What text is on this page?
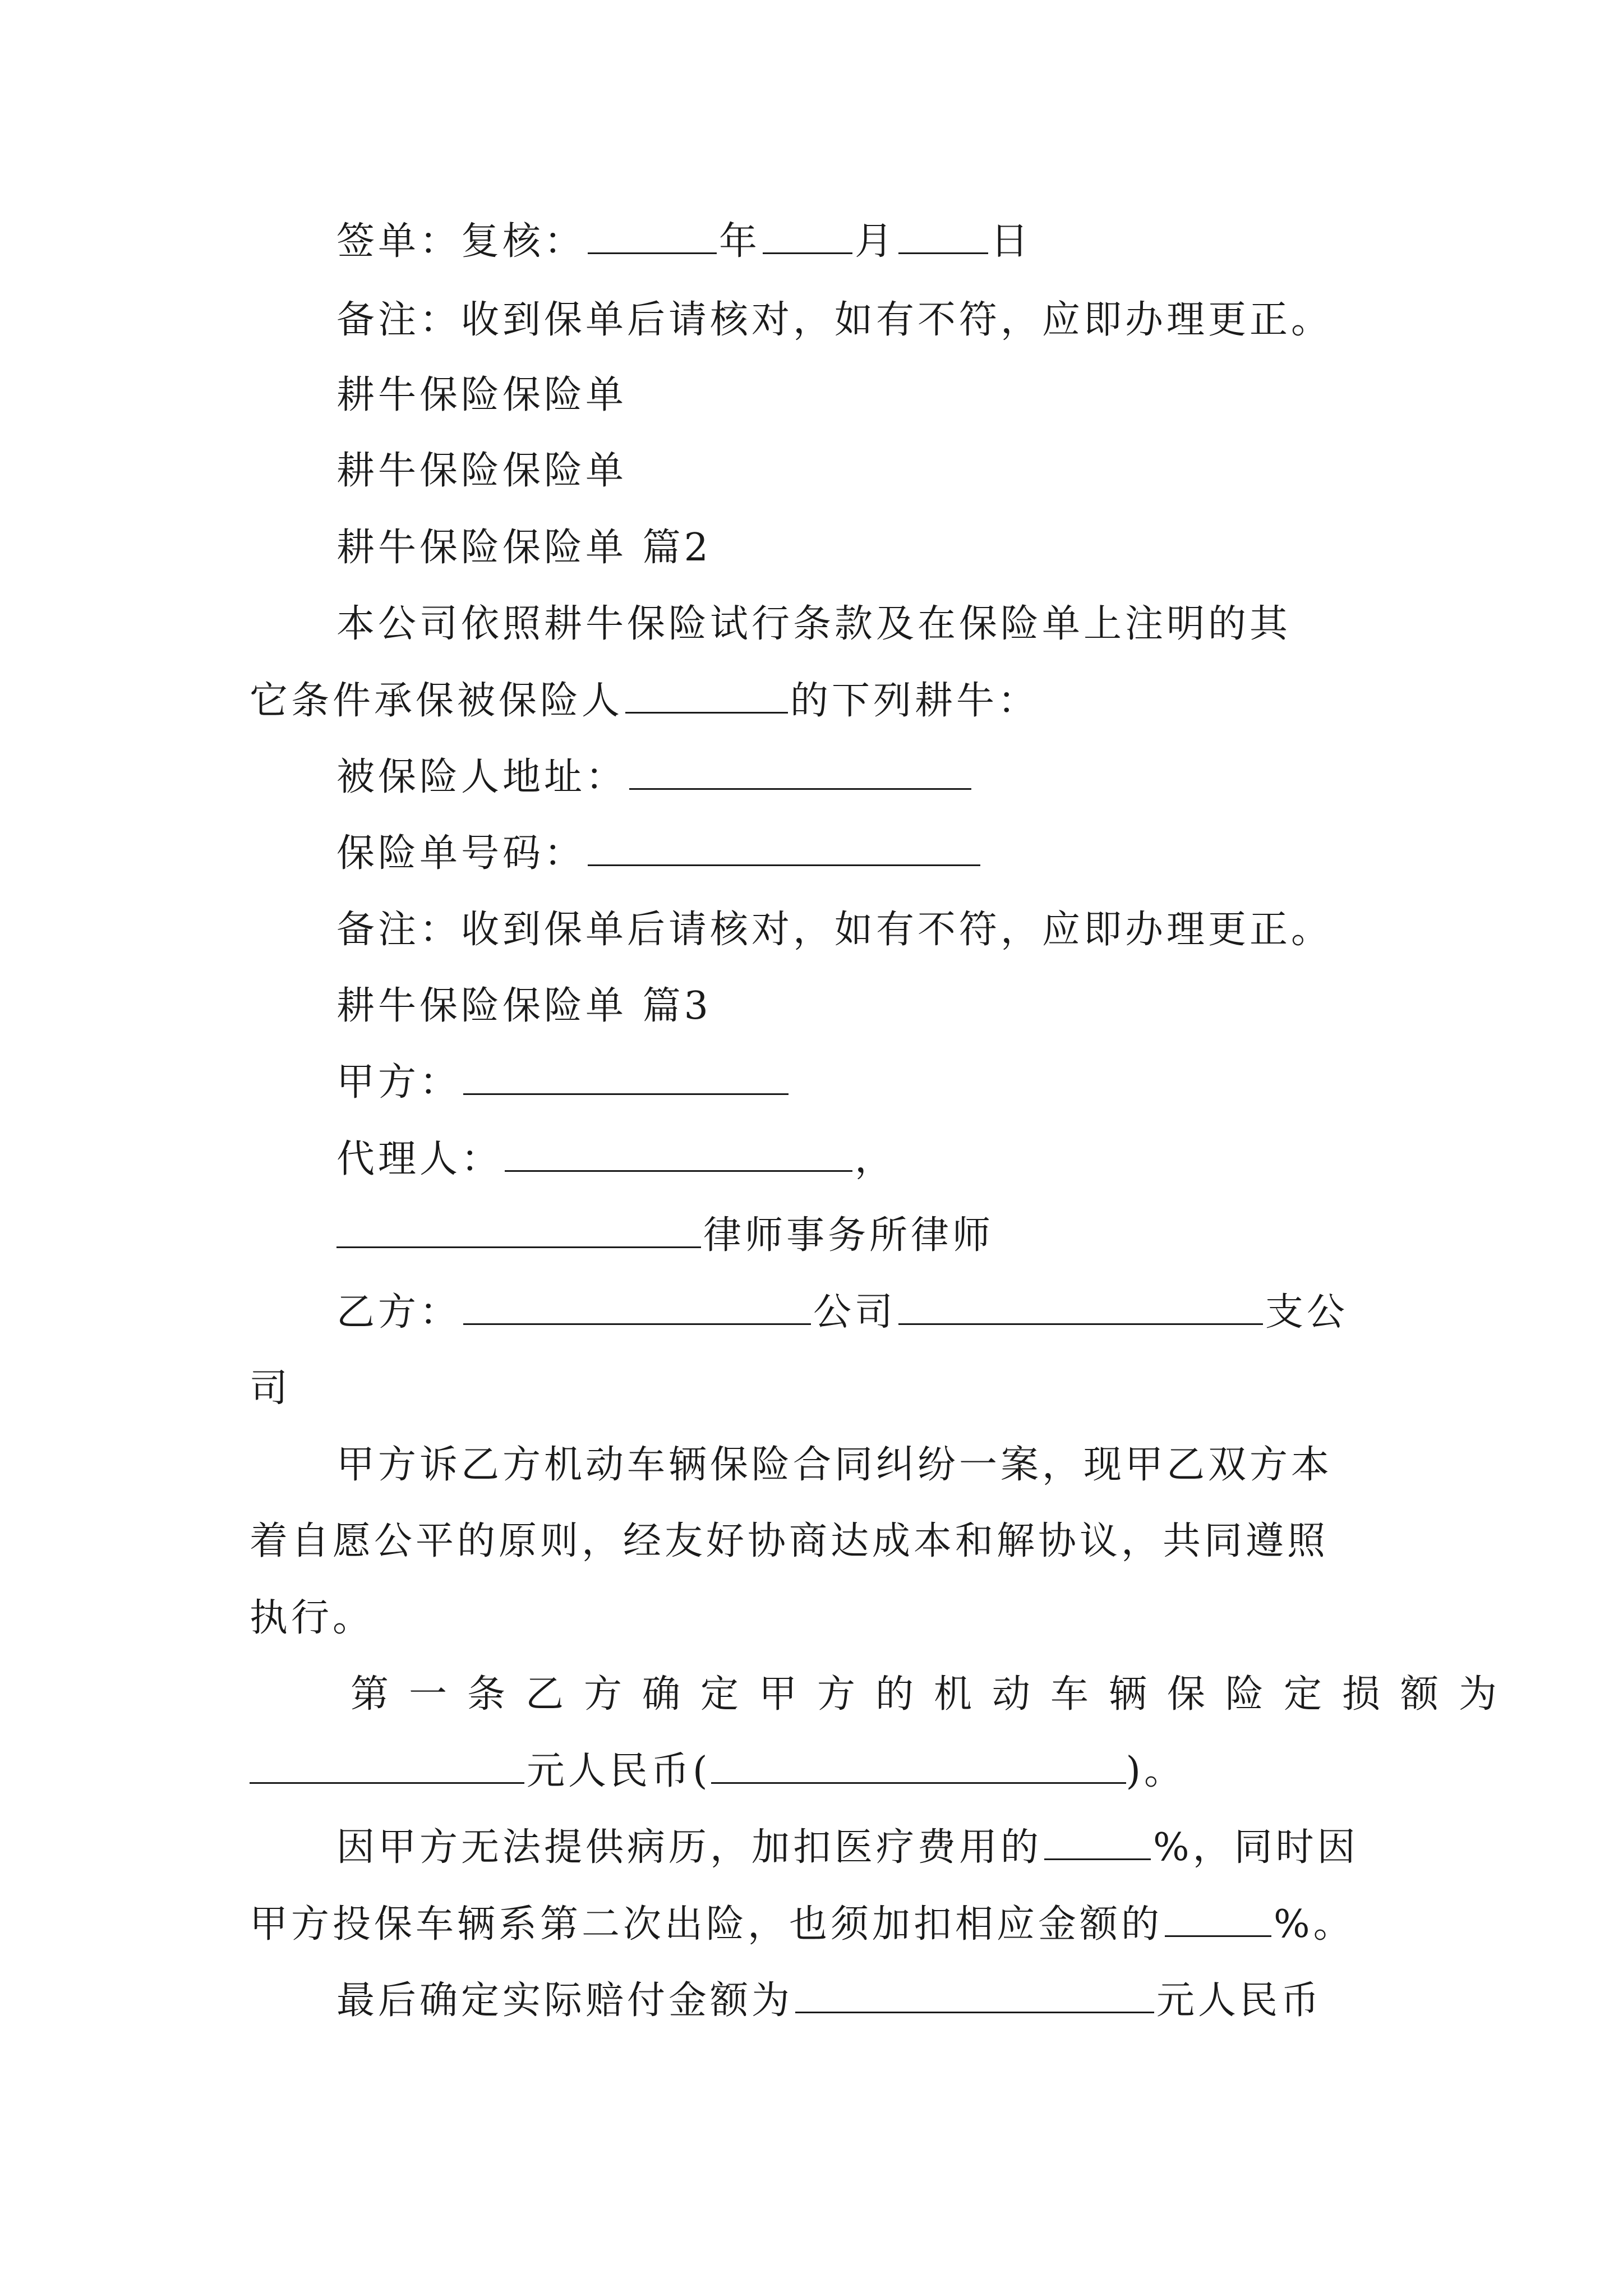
签单：复核：	年 月 日
备注：收到保单后请核对，如有不符，应即办理更正。
耕牛保险保险单
耕牛保险保险单
耕牛保险保险单 篇2
本公司依照耕牛保险试行条款及在保险单上注明的其
它条件承保被保险人	的下列耕牛：
被保险人地址：
保险单号码：
备注：收到保单后请核对，如有不符，应即办理更正。
耕牛保险保险单 篇3
甲方：
代理人：	，
律师事务所律师
乙方：	公司	支公
司
甲方诉乙方机动车辆保险合同纠纷一案，现甲乙双方本
着自愿公平的原则，经友好协商达成本和解协议，共同遵照
执行。
第一条乙方确定甲方的机动车辆保险定损额为
元人民币(	)。
因甲方无法提供病历，加扣医疗费用的	%，同时因
甲方投保车辆系第二次出险，也须加扣相应金额的	%。
最后确定实际赔付金额为	元人民币
